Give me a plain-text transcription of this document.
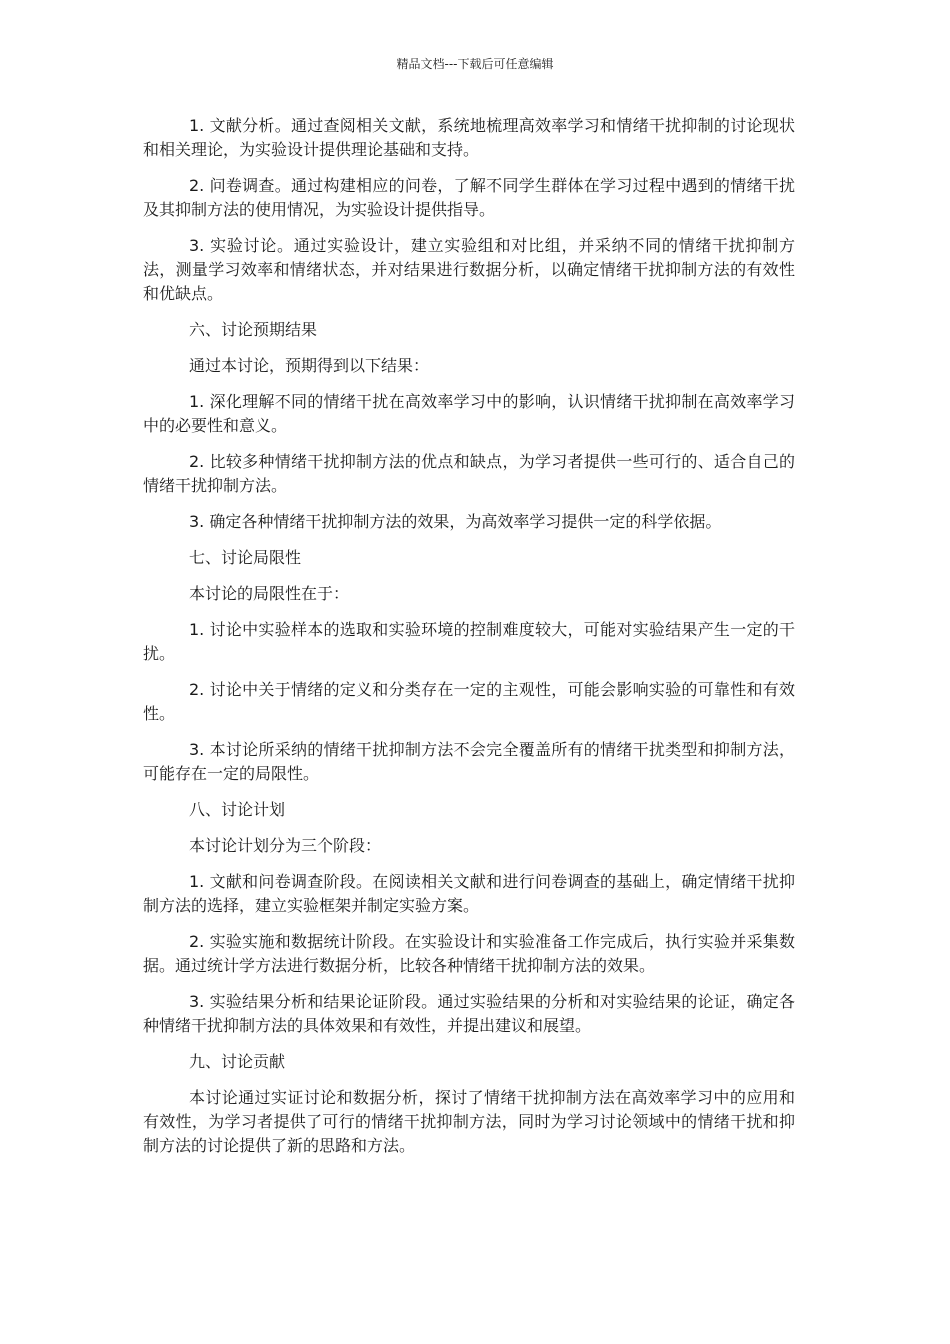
精品文档---下载后可任意编辑

1. 文献分析。通过查阅相关文献，系统地梳理高效率学习和情绪干扰抑制的讨论现状和相关理论，为实验设计提供理论基础和支持。

2. 问卷调查。通过构建相应的问卷，了解不同学生群体在学习过程中遇到的情绪干扰及其抑制方法的使用情况，为实验设计提供指导。

3. 实验讨论。通过实验设计，建立实验组和对比组，并采纳不同的情绪干扰抑制方法，测量学习效率和情绪状态，并对结果进行数据分析，以确定情绪干扰抑制方法的有效性和优缺点。

六、讨论预期结果

通过本讨论，预期得到以下结果：

1. 深化理解不同的情绪干扰在高效率学习中的影响，认识情绪干扰抑制在高效率学习中的必要性和意义。

2. 比较多种情绪干扰抑制方法的优点和缺点，为学习者提供一些可行的、适合自己的情绪干扰抑制方法。

3. 确定各种情绪干扰抑制方法的效果，为高效率学习提供一定的科学依据。

七、讨论局限性

本讨论的局限性在于：

1. 讨论中实验样本的选取和实验环境的控制难度较大，可能对实验结果产生一定的干扰。

2. 讨论中关于情绪的定义和分类存在一定的主观性，可能会影响实验的可靠性和有效性。

3. 本讨论所采纳的情绪干扰抑制方法不会完全覆盖所有的情绪干扰类型和抑制方法，可能存在一定的局限性。

八、讨论计划

本讨论计划分为三个阶段：

1. 文献和问卷调查阶段。在阅读相关文献和进行问卷调查的基础上，确定情绪干扰抑制方法的选择，建立实验框架并制定实验方案。

2. 实验实施和数据统计阶段。在实验设计和实验准备工作完成后，执行实验并采集数据。通过统计学方法进行数据分析，比较各种情绪干扰抑制方法的效果。

3. 实验结果分析和结果论证阶段。通过实验结果的分析和对实验结果的论证，确定各种情绪干扰抑制方法的具体效果和有效性，并提出建议和展望。

九、讨论贡献

本讨论通过实证讨论和数据分析，探讨了情绪干扰抑制方法在高效率学习中的应用和有效性，为学习者提供了可行的情绪干扰抑制方法，同时为学习讨论领域中的情绪干扰和抑制方法的讨论提供了新的思路和方法。
